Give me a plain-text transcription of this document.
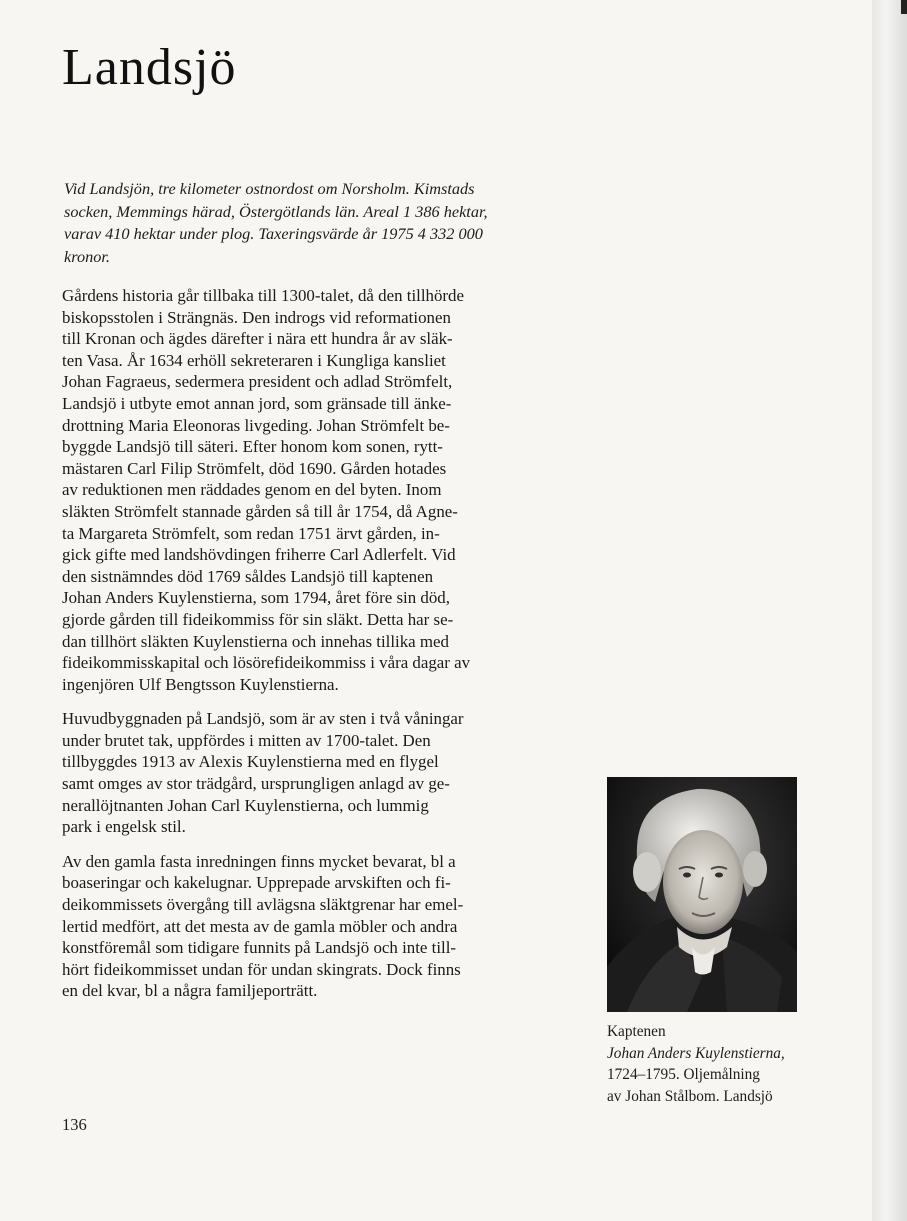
Landsjö

Vid Landsjön, tre kilometer ostnordost om Norsholm. Kimstads
socken, Memmings härad, Östergötlands län. Areal 1 386 hektar,
varav 410 hektar under plog. Taxeringsvärde år 1975 4 332 000
kronor.

Gårdens historia går tillbaka till 1300-talet, då den tillhörde
biskopsstolen i Strängnäs. Den indrogs vid reformationen
till Kronan och ägdes därefter i nära ett hundra år av släk-
ten Vasa. År 1634 erhöll sekreteraren i Kungliga kansliet
Johan Fagraeus, sedermera president och adlad Strömfelt,
Landsjö i utbyte emot annan jord, som gränsade till änke-
drottning Maria Eleonoras livgeding. Johan Strömfelt be-
byggde Landsjö till säteri. Efter honom kom sonen, rytt-
mästaren Carl Filip Strömfelt, död 1690. Gården hotades
av reduktionen men räddades genom en del byten. Inom
släkten Strömfelt stannade gården så till år 1754, då Agne-
ta Margareta Strömfelt, som redan 1751 ärvt gården, in-
gick gifte med landshövdingen friherre Carl Adlerfelt. Vid
den sistnämndes död 1769 såldes Landsjö till kaptenen
Johan Anders Kuylenstierna, som 1794, året före sin död,
gjorde gården till fideikommiss för sin släkt. Detta har se-
dan tillhört släkten Kuylenstierna och innehas tillika med
fideikommisskapital och lösörefideikommiss i våra dagar av
ingenjören Ulf Bengtsson Kuylenstierna.

Huvudbyggnaden på Landsjö, som är av sten i två våningar
under brutet tak, uppfördes i mitten av 1700-talet. Den
tillbyggdes 1913 av Alexis Kuylenstierna med en flygel
samt omges av stor trädgård, ursprungligen anlagd av ge-
nerallöjtnanten Johan Carl Kuylenstierna, och lummig
park i engelsk stil.

Av den gamla fasta inredningen finns mycket bevarat, bl a
boaseringar och kakelugnar. Upprepade arvskiften och fi-
deikommissets övergång till avlägsna släktgrenar har emel-
lertid medfört, att det mesta av de gamla möbler och andra
konstföremål som tidigare funnits på Landsjö och inte till-
hört fideikommisset undan för undan skingrats. Dock finns
en del kvar, bl a några familjeporträtt.

Kaptenen
Johan Anders Kuylenstierna,
1724–1795. Oljemålning
av Johan Stålbom. Landsjö
136
